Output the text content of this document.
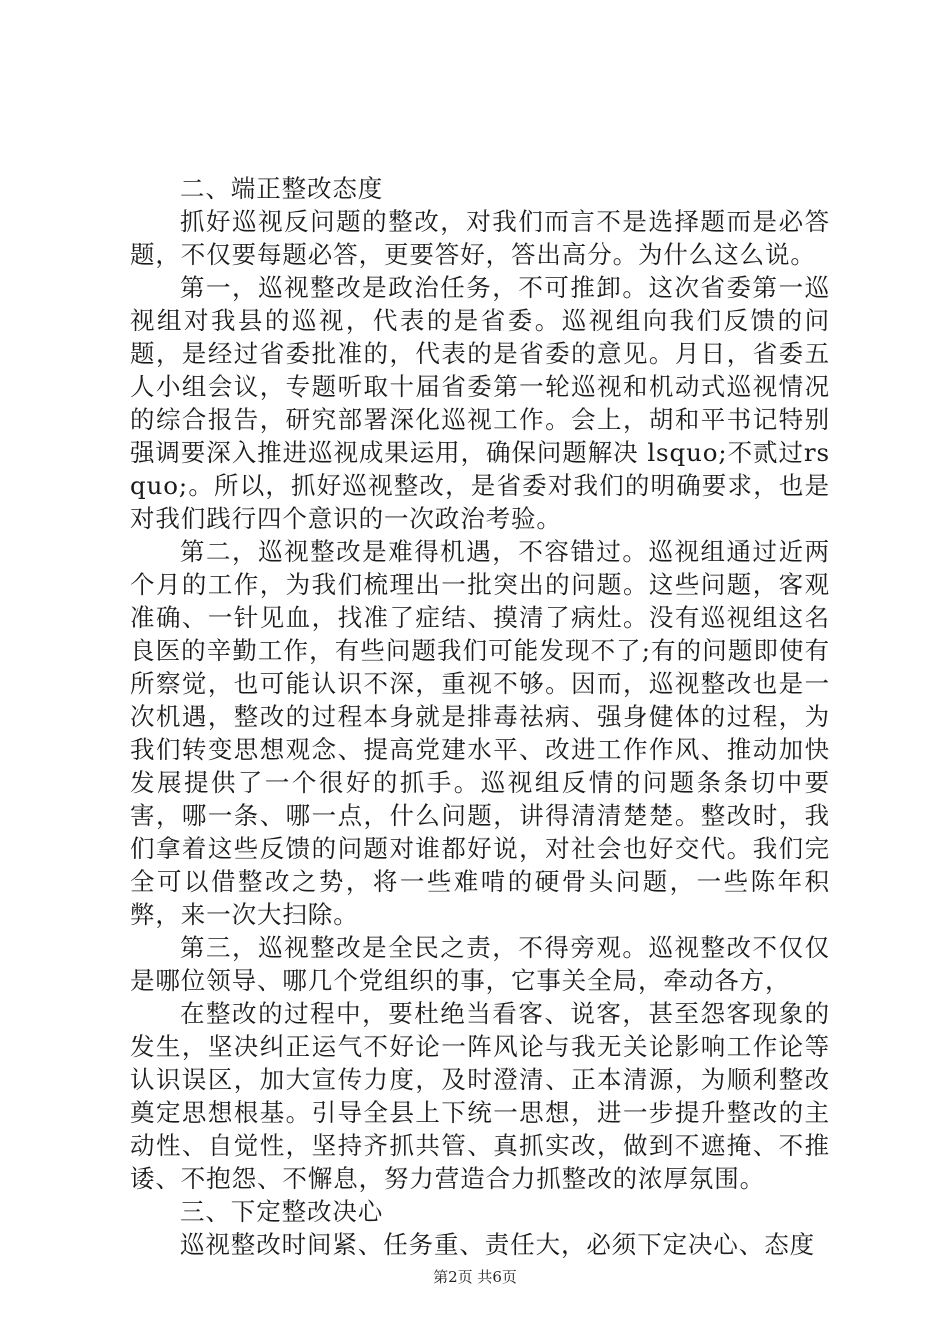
二、端正整改态度

抓好巡视反问题的整改，对我们而言不是选择题而是必答题，不仅要每题必答，更要答好，答出高分。为什么这么说。

第一，巡视整改是政治任务，不可推卸。这次省委第一巡视组对我县的巡视，代表的是省委。巡视组向我们反馈的问题，是经过省委批准的，代表的是省委的意见。月日，省委五人小组会议，专题听取十届省委第一轮巡视和机动式巡视情况的综合报告，研究部署深化巡视工作。会上，胡和平书记特别强调要深入推进巡视成果运用，确保问题解决 lsquo;不贰过rsquo;。所以，抓好巡视整改，是省委对我们的明确要求，也是对我们践行四个意识的一次政治考验。

第二，巡视整改是难得机遇，不容错过。巡视组通过近两个月的工作，为我们梳理出一批突出的问题。这些问题，客观准确、一针见血，找准了症结、摸清了病灶。没有巡视组这名良医的辛勤工作，有些问题我们可能发现不了;有的问题即使有所察觉，也可能认识不深，重视不够。因而，巡视整改也是一次机遇，整改的过程本身就是排毒祛病、强身健体的过程，为我们转变思想观念、提高党建水平、改进工作作风、推动加快发展提供了一个很好的抓手。巡视组反情的问题条条切中要害，哪一条、哪一点，什么问题，讲得清清楚楚。整改时，我们拿着这些反馈的问题对谁都好说，对社会也好交代。我们完全可以借整改之势，将一些难啃的硬骨头问题，一些陈年积弊，来一次大扫除。

第三，巡视整改是全民之责，不得旁观。巡视整改不仅仅是哪位领导、哪几个党组织的事，它事关全局，牵动各方，

在整改的过程中，要杜绝当看客、说客，甚至怨客现象的发生，坚决纠正运气不好论一阵风论与我无关论影响工作论等认识误区，加大宣传力度，及时澄清、正本清源，为顺利整改奠定思想根基。引导全县上下统一思想，进一步提升整改的主动性、自觉性，坚持齐抓共管、真抓实改，做到不遮掩、不推诿、不抱怨、不懈息，努力营造合力抓整改的浓厚氛围。

三、下定整改决心

巡视整改时间紧、任务重、责任大，必须下定决心、态度

第2页 共6页
